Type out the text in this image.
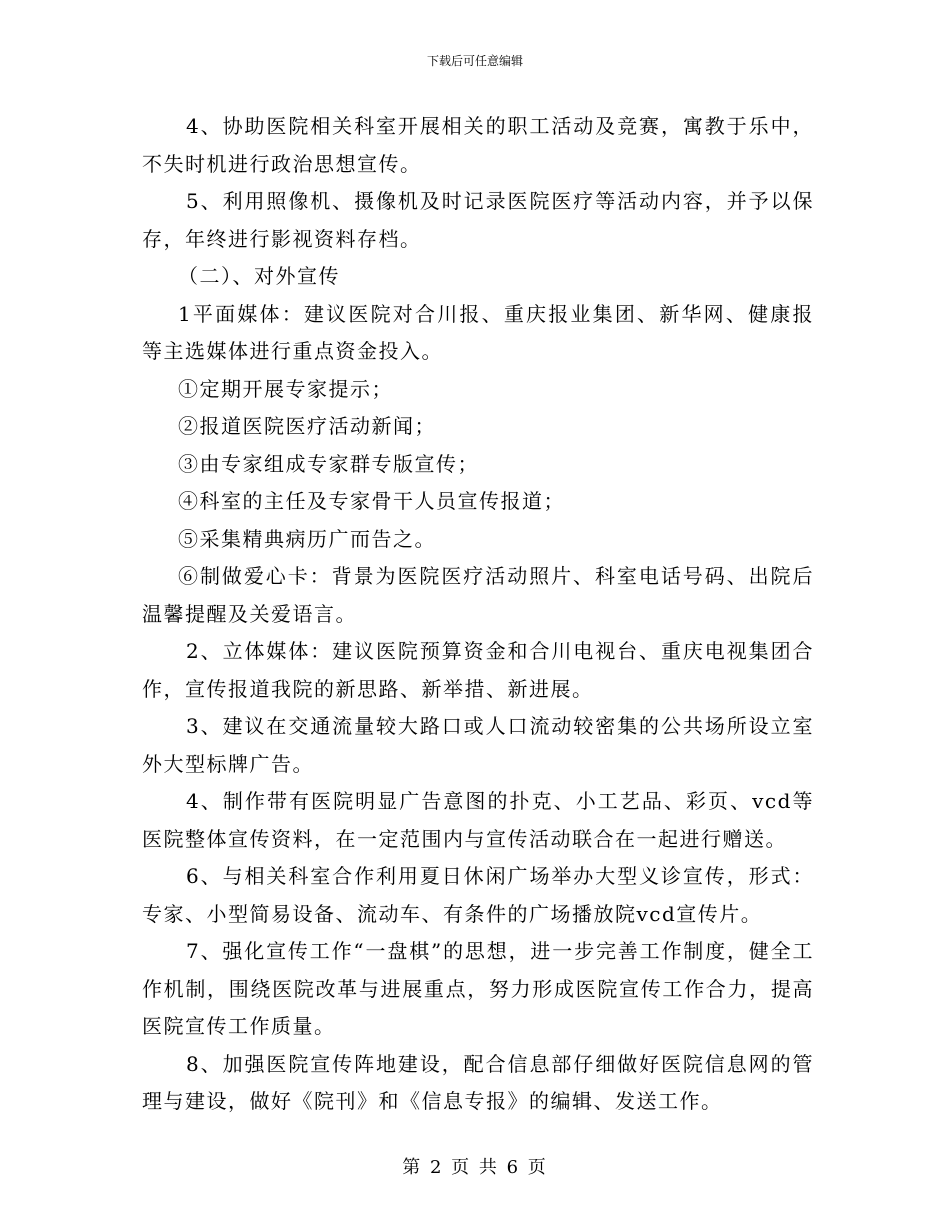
下载后可任意编辑

4、协助医院相关科室开展相关的职工活动及竞赛，寓教于乐中，不失时机进行政治思想宣传。

5、利用照像机、摄像机及时记录医院医疗等活动内容，并予以保存，年终进行影视资料存档。

（二）、对外宣传

1平面媒体：建议医院对合川报、重庆报业集团、新华网、健康报等主选媒体进行重点资金投入。

①定期开展专家提示；

②报道医院医疗活动新闻；

③由专家组成专家群专版宣传；

④科室的主任及专家骨干人员宣传报道；

⑤采集精典病历广而告之。

⑥制做爱心卡：背景为医院医疗活动照片、科室电话号码、出院后温馨提醒及关爱语言。

2、立体媒体：建议医院预算资金和合川电视台、重庆电视集团合作，宣传报道我院的新思路、新举措、新进展。

3、建议在交通流量较大路口或人口流动较密集的公共场所设立室外大型标牌广告。

4、制作带有医院明显广告意图的扑克、小工艺品、彩页、vcd等医院整体宣传资料，在一定范围内与宣传活动联合在一起进行赠送。

6、与相关科室合作利用夏日休闲广场举办大型义诊宣传，形式：专家、小型简易设备、流动车、有条件的广场播放院vcd宣传片。

7、强化宣传工作“一盘棋”的思想，进一步完善工作制度，健全工作机制，围绕医院改革与进展重点，努力形成医院宣传工作合力，提高医院宣传工作质量。

8、加强医院宣传阵地建设，配合信息部仔细做好医院信息网的管理与建设，做好《院刊》和《信息专报》的编辑、发送工作。

第 2 页 共 6 页
